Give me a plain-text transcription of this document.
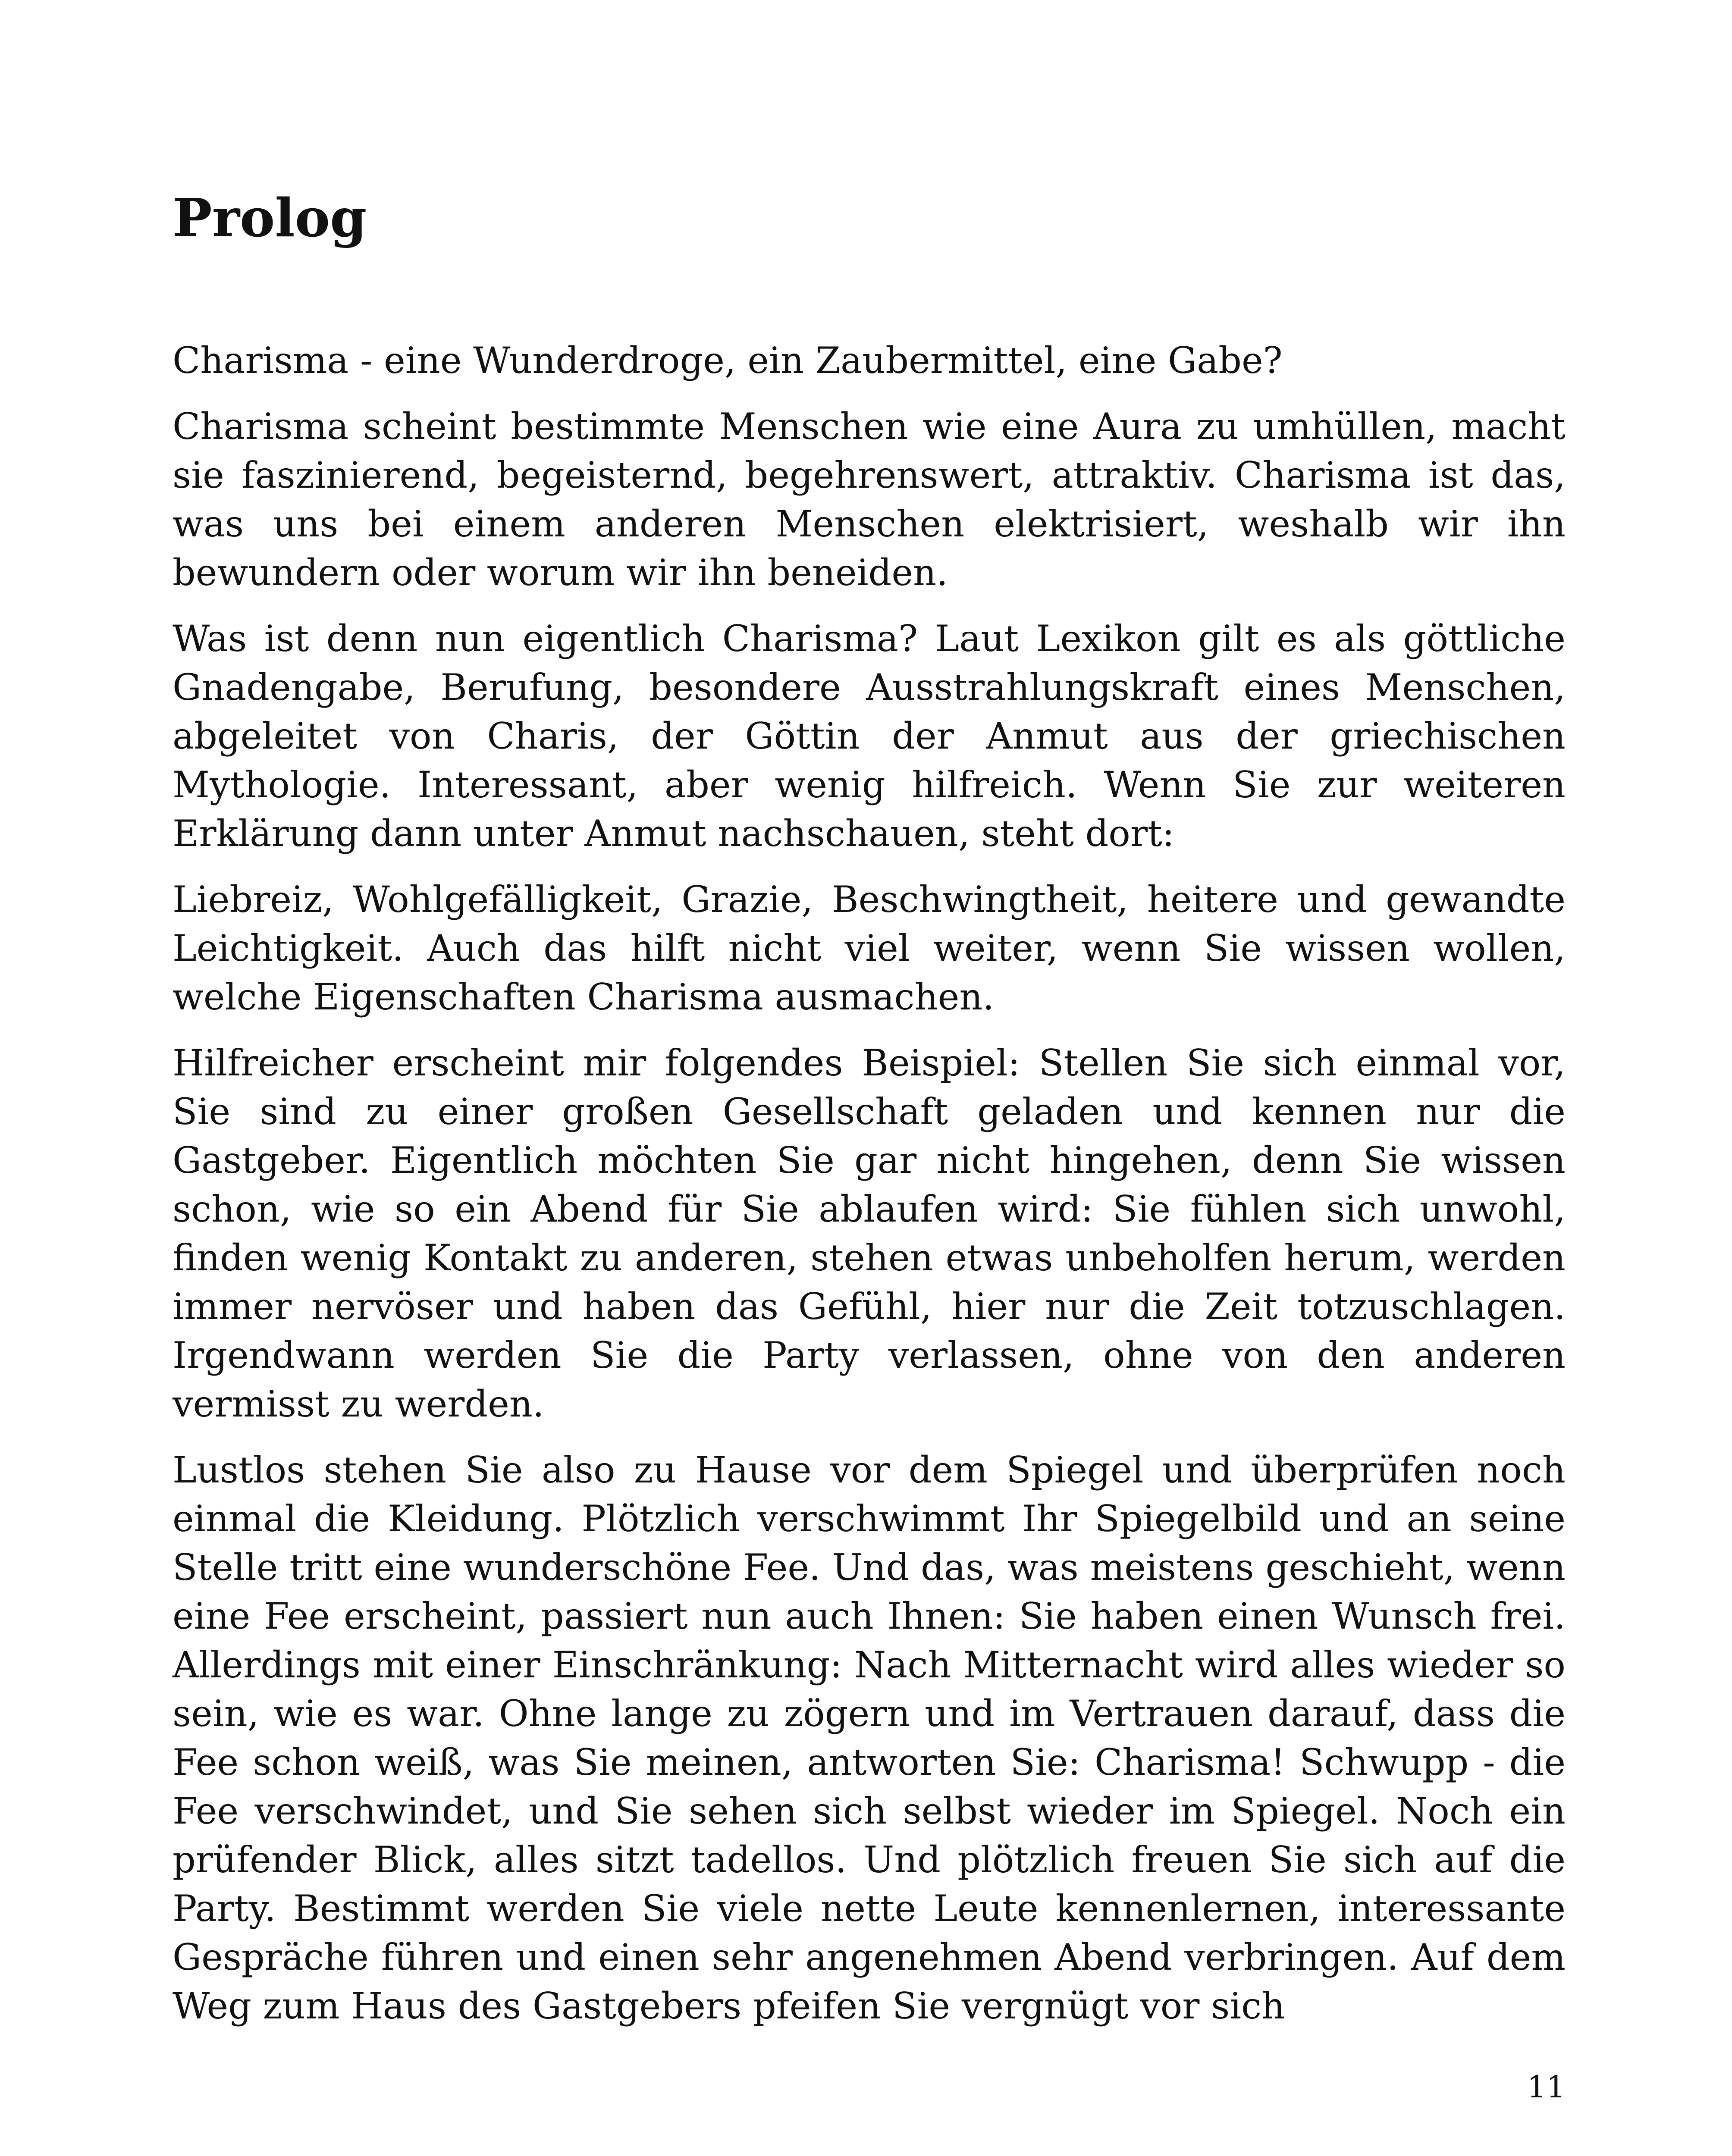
Prolog

Charisma - eine Wunderdroge, ein Zaubermittel, eine Gabe?

Charisma scheint bestimmte Menschen wie eine Aura zu umhüllen, macht sie faszinierend, begeisternd, begehrenswert, attraktiv. Charisma ist das, was uns bei einem anderen Menschen elektrisiert, weshalb wir ihn bewundern oder worum wir ihn beneiden.

Was ist denn nun eigentlich Charisma? Laut Lexikon gilt es als göttliche Gnadengabe, Berufung, besondere Ausstrahlungskraft eines Menschen, abgeleitet von Charis, der Göttin der Anmut aus der griechischen Mythologie. Interessant, aber wenig hilfreich. Wenn Sie zur weiteren Erklärung dann unter Anmut nachschauen, steht dort:

Liebreiz, Wohlgefälligkeit, Grazie, Beschwingtheit, heitere und gewandte Leichtigkeit. Auch das hilft nicht viel weiter, wenn Sie wissen wollen, welche Eigenschaften Charisma ausmachen.

Hilfreicher erscheint mir folgendes Beispiel: Stellen Sie sich einmal vor, Sie sind zu einer großen Gesellschaft geladen und kennen nur die Gastgeber. Eigentlich möchten Sie gar nicht hingehen, denn Sie wissen schon, wie so ein Abend für Sie ablaufen wird: Sie fühlen sich unwohl, finden wenig Kontakt zu anderen, stehen etwas unbeholfen herum, werden immer nervöser und haben das Gefühl, hier nur die Zeit totzuschlagen. Irgendwann werden Sie die Party verlassen, ohne von den anderen vermisst zu werden.

Lustlos stehen Sie also zu Hause vor dem Spiegel und überprüfen noch einmal die Kleidung. Plötzlich verschwimmt Ihr Spiegelbild und an seine Stelle tritt eine wunderschöne Fee. Und das, was meistens geschieht, wenn eine Fee erscheint, passiert nun auch Ihnen: Sie haben einen Wunsch frei. Allerdings mit einer Einschränkung: Nach Mitternacht wird alles wieder so sein, wie es war. Ohne lange zu zögern und im Vertrauen darauf, dass die Fee schon weiß, was Sie meinen, antworten Sie: Charisma! Schwupp - die Fee verschwindet, und Sie sehen sich selbst wieder im Spiegel. Noch ein prüfender Blick, alles sitzt tadellos. Und plötzlich freuen Sie sich auf die Party. Bestimmt werden Sie viele nette Leute kennenlernen, interessante Gespräche führen und einen sehr angenehmen Abend verbringen. Auf dem Weg zum Haus des Gastgebers pfeifen Sie vergnügt vor sich

11
